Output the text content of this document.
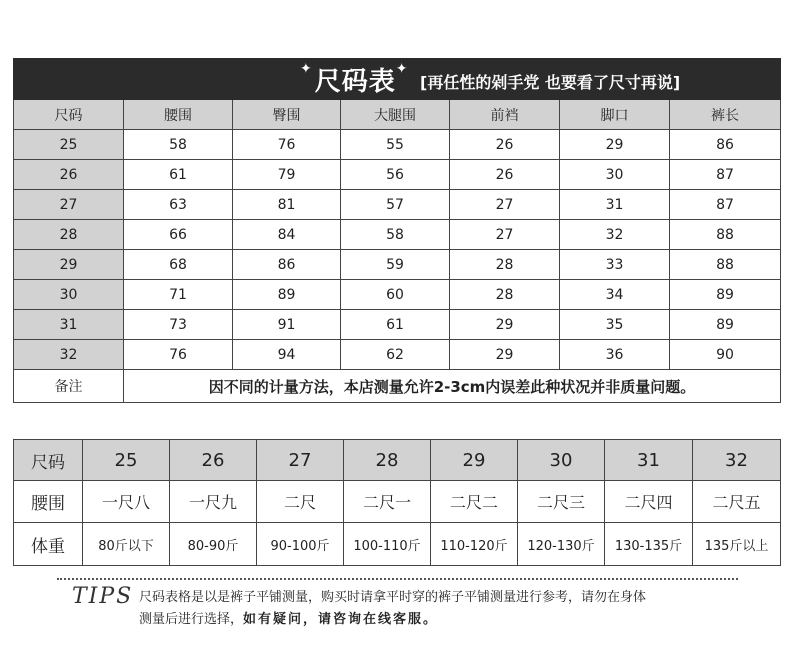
✦尺码表✦
[再任性的剁手党 也要看了尺寸再说]						

尺码	腰围	臀围	大腿围	前裆	脚口	裤长
25	58	76	55	26	29	86
26	61	79	56	26	30	87
27	63	81	57	27	31	87
28	66	84	58	27	32	88
29	68	86	59	28	33	88
30	71	89	60	28	34	89
31	73	91	61	29	35	89
32	76	94	62	29	36	90
备注	因不同的计量方法，本店测量允许2-3cm内误差此种状况并非质量问题。					
尺码	25	26	27	28	29	30	31	32
腰围	一尺八	一尺九	二尺	二尺一	二尺二	二尺三	二尺四	二尺五
体重	80斤以下	80-90斤	90-100斤	100-110斤	110-120斤	120-130斤	130-135斤	135斤以上
TIPS 尺码表格是以是裤子平铺测量，购买时请拿平时穿的裤子平铺测量进行参考，请勿在身体
测量后进行选择，如有疑问，请咨询在线客服。
